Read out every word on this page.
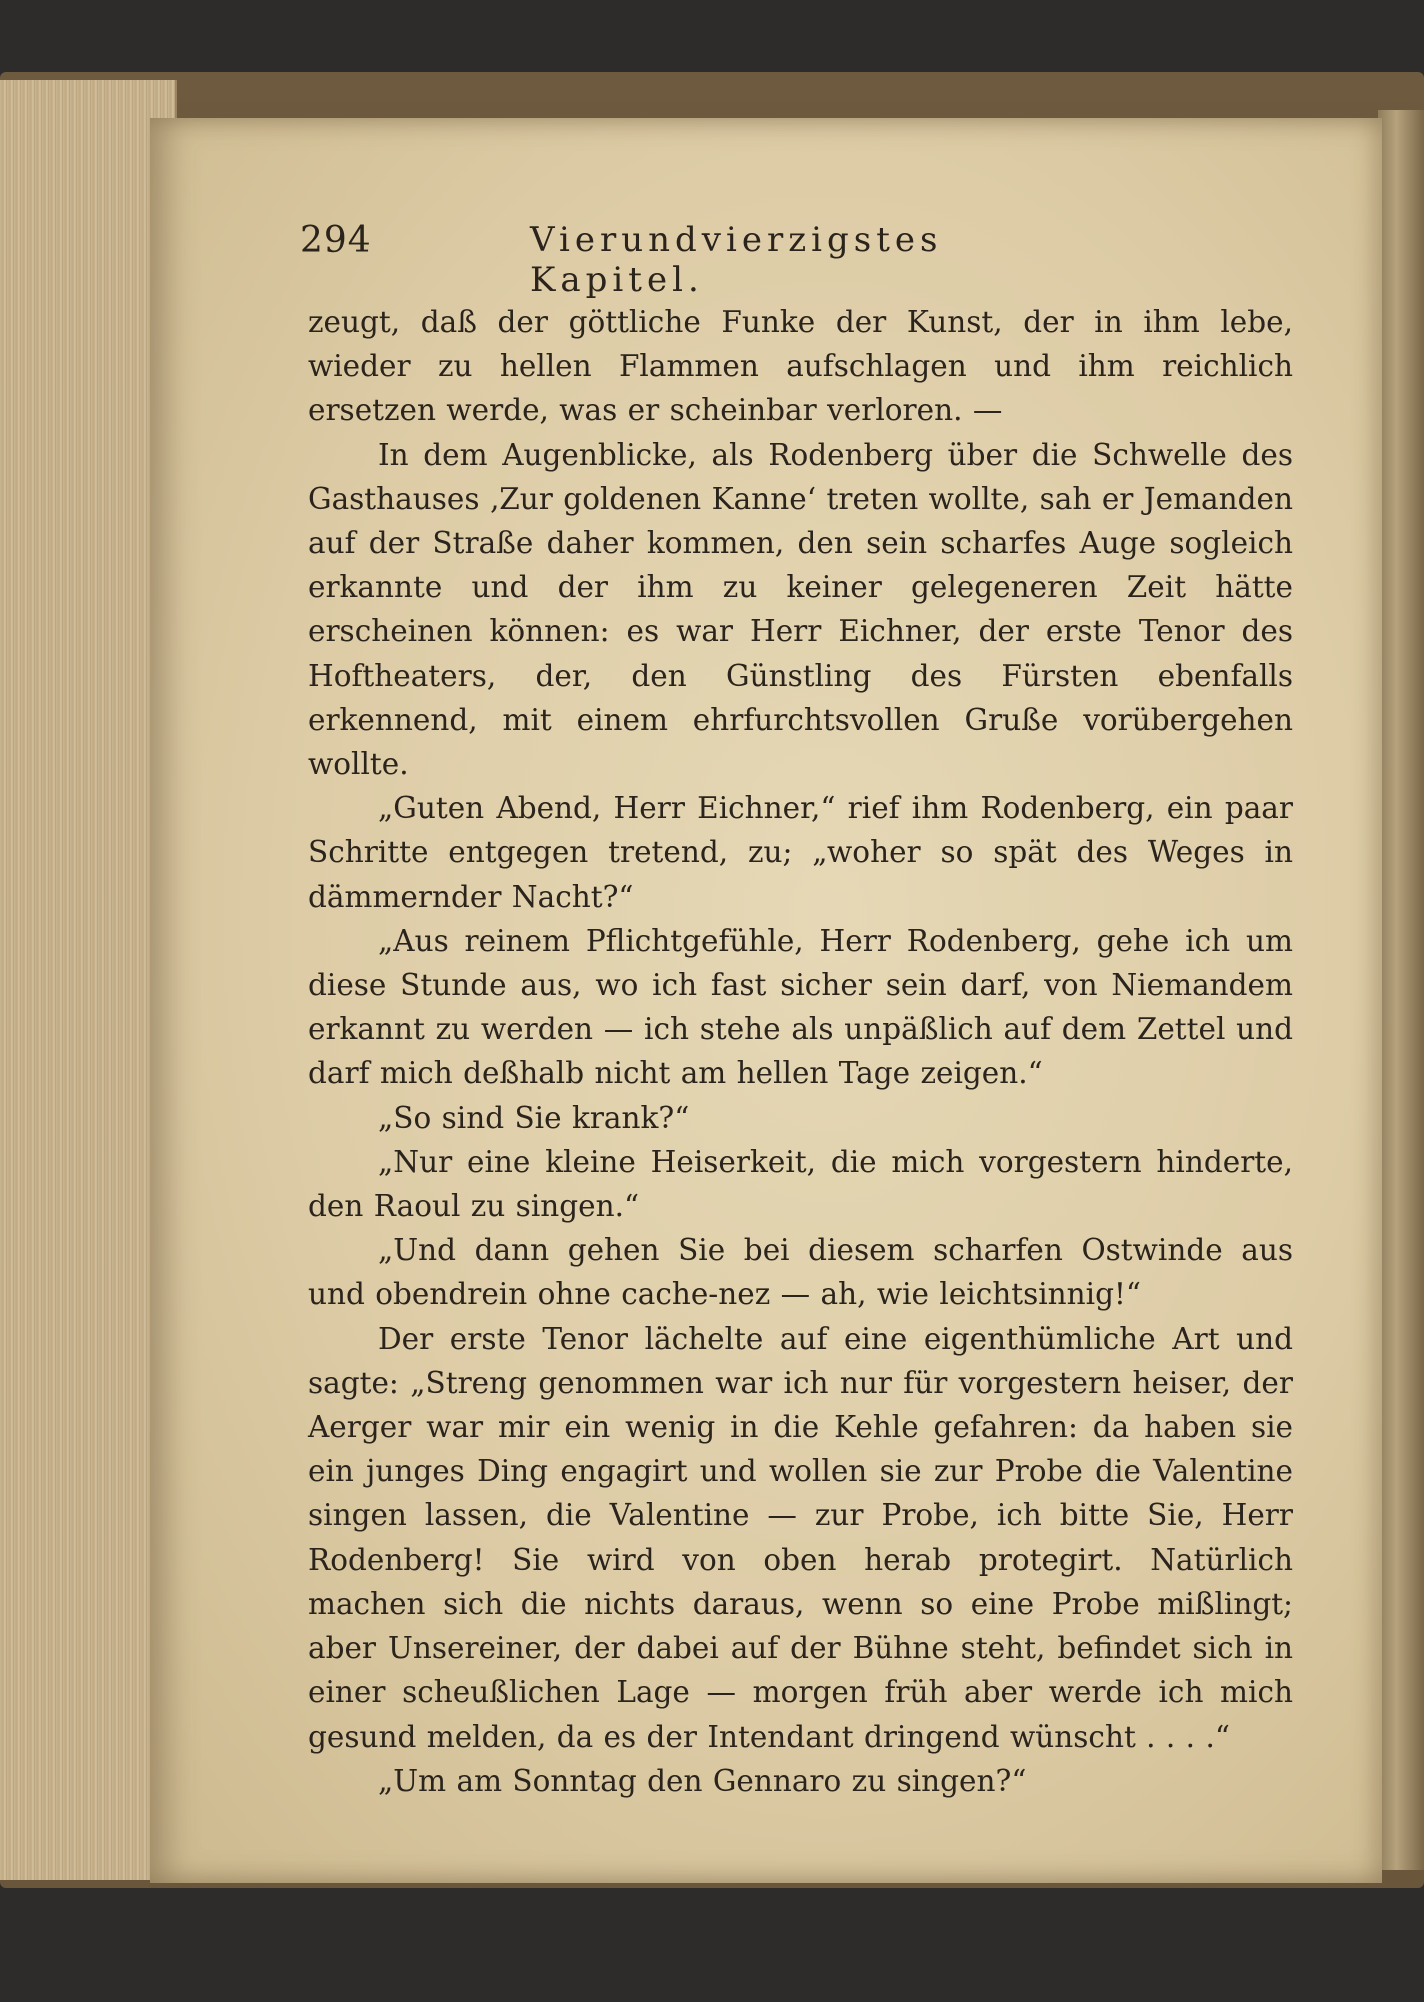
294	Vierundvierzigstes Kapitel.

zeugt, daß der göttliche Funke der Kunst, der in ihm lebe, wieder zu hellen Flammen aufschlagen und ihm reichlich ersetzen werde, was er scheinbar verloren. —

In dem Augenblicke, als Rodenberg über die Schwelle des Gasthauses ‚Zur goldenen Kanne‘ treten wollte, sah er Jemanden auf der Straße daher kommen, den sein scharfes Auge sogleich erkannte und der ihm zu keiner gelegeneren Zeit hätte erscheinen können: es war Herr Eichner, der erste Tenor des Hoftheaters, der, den Günstling des Fürsten ebenfalls erkennend, mit einem ehrfurchtsvollen Gruße vorübergehen wollte.

„Guten Abend, Herr Eichner,“ rief ihm Rodenberg, ein paar Schritte entgegen tretend, zu; „woher so spät des Weges in dämmernder Nacht?“

„Aus reinem Pflichtgefühle, Herr Rodenberg, gehe ich um diese Stunde aus, wo ich fast sicher sein darf, von Niemandem erkannt zu werden — ich stehe als unpäßlich auf dem Zettel und darf mich deßhalb nicht am hellen Tage zeigen.“

„So sind Sie krank?“

„Nur eine kleine Heiserkeit, die mich vorgestern hinderte, den Raoul zu singen.“

„Und dann gehen Sie bei diesem scharfen Ostwinde aus und obendrein ohne cache-nez — ah, wie leichtsinnig!“

Der erste Tenor lächelte auf eine eigenthümliche Art und sagte: „Streng genommen war ich nur für vorgestern heiser, der Aerger war mir ein wenig in die Kehle gefahren: da haben sie ein junges Ding engagirt und wollen sie zur Probe die Valentine singen lassen, die Valentine — zur Probe, ich bitte Sie, Herr Rodenberg! Sie wird von oben herab protegirt. Natürlich machen sich die nichts daraus, wenn so eine Probe mißlingt; aber Unsereiner, der dabei auf der Bühne steht, befindet sich in einer scheußlichen Lage — morgen früh aber werde ich mich gesund melden, da es der Intendant dringend wünscht . . . .“

„Um am Sonntag den Gennaro zu singen?“
